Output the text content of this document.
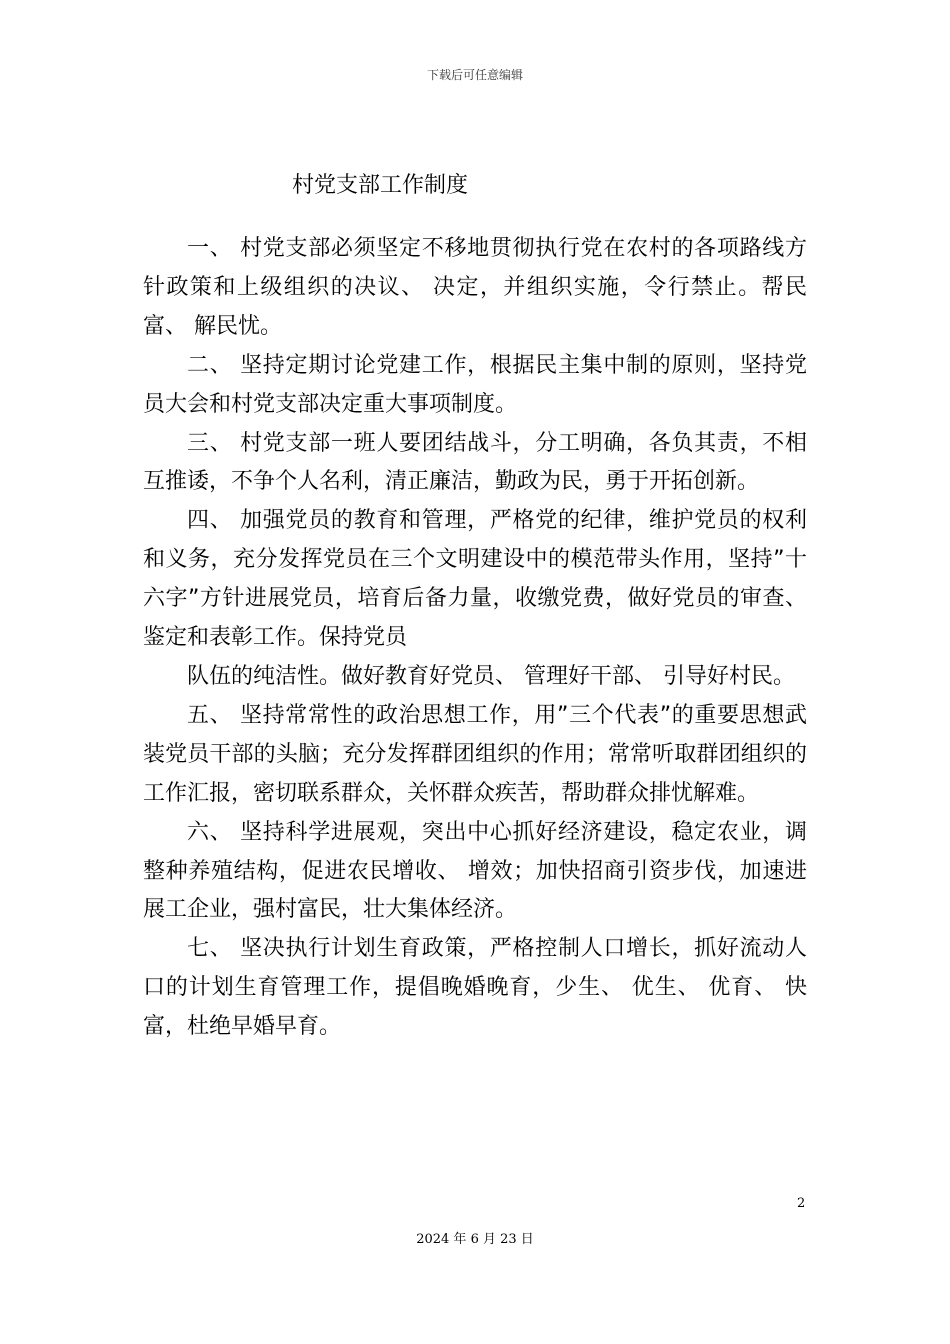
下载后可任意编辑
村党支部工作制度

一、 村党支部必须坚定不移地贯彻执行党在农村的各项路线方针政策和上级组织的决议、 决定，并组织实施，令行禁止。帮民富、 解民忧。

二、 坚持定期讨论党建工作，根据民主集中制的原则，坚持党员大会和村党支部决定重大事项制度。

三、 村党支部一班人要团结战斗，分工明确，各负其责，不相互推诿，不争个人名利，清正廉洁，勤政为民，勇于开拓创新。

四、 加强党员的教育和管理，严格党的纪律，维护党员的权利和义务，充分发挥党员在三个文明建设中的模范带头作用，坚持”十六字”方针进展党员，培育后备力量，收缴党费，做好党员的审查、 鉴定和表彰工作。保持党员

队伍的纯洁性。做好教育好党员、 管理好干部、 引导好村民。

五、 坚持常常性的政治思想工作，用”三个代表”的重要思想武装党员干部的头脑；充分发挥群团组织的作用；常常听取群团组织的工作汇报，密切联系群众，关怀群众疾苦，帮助群众排忧解难。

六、 坚持科学进展观，突出中心抓好经济建设，稳定农业，调整种养殖结构，促进农民增收、 增效；加快招商引资步伐，加速进展工企业，强村富民，壮大集体经济。

七、 坚决执行计划生育政策，严格控制人口增长，抓好流动人口的计划生育管理工作，提倡晚婚晚育，少生、 优生、 优育、 快富，杜绝早婚早育。

2
2024 年 6 月 23 日
